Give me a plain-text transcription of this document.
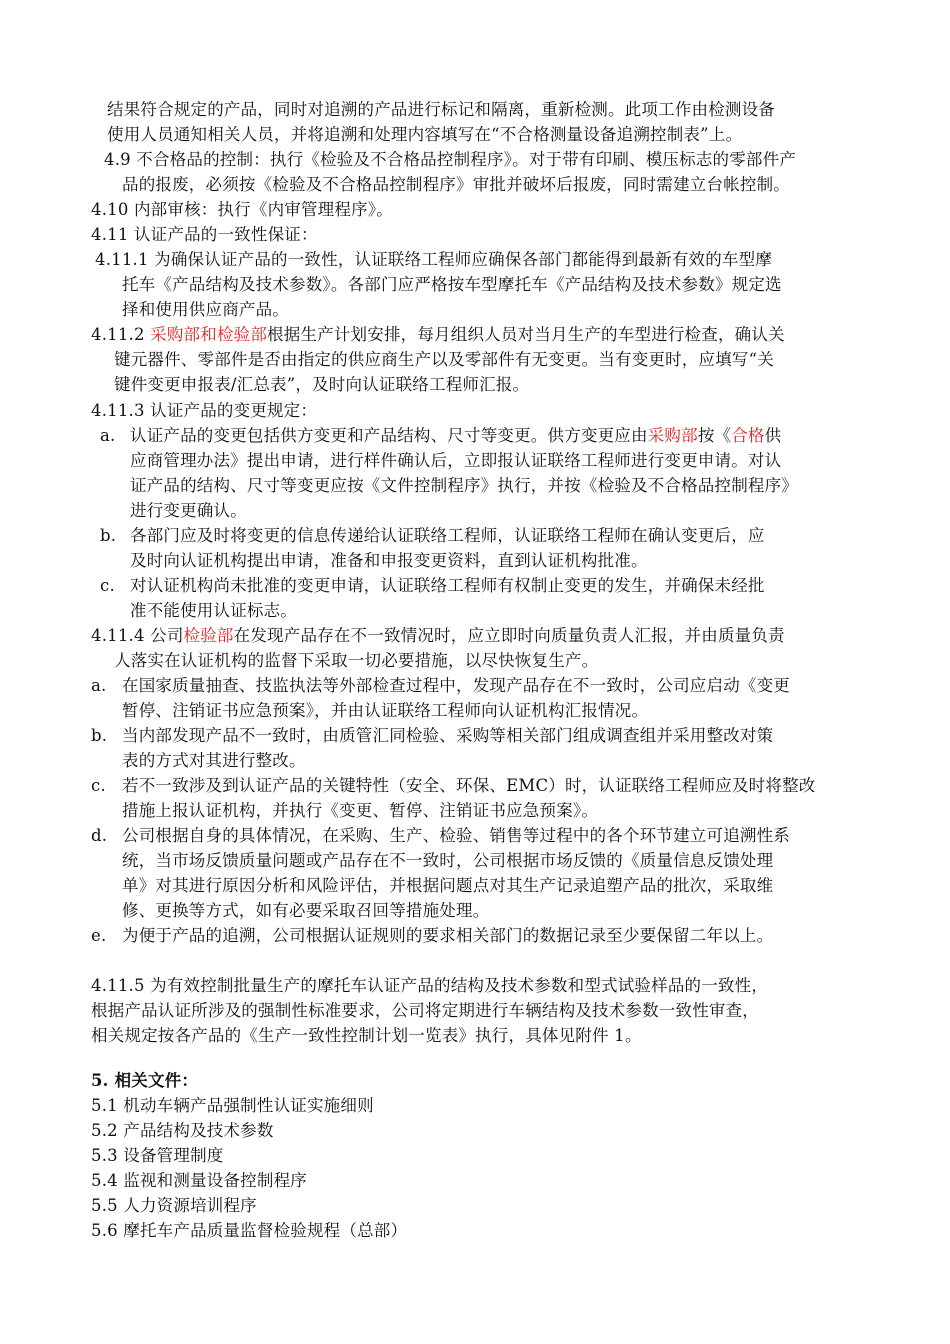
结果符合规定的产品，同时对追溯的产品进行标记和隔离，重新检测。此项工作由检测设备
使用人员通知相关人员，并将追溯和处理内容填写在“不合格测量设备追溯控制表”上。
4.9 不合格品的控制：执行《检验及不合格品控制程序》。对于带有印刷、模压标志的零部件产
品的报废，必须按《检验及不合格品控制程序》审批并破坏后报废，同时需建立台帐控制。
4.10 内部审核：执行《内审管理程序》。
4.11 认证产品的一致性保证：
4.11.1 为确保认证产品的一致性，认证联络工程师应确保各部门都能得到最新有效的车型摩
托车《产品结构及技术参数》。各部门应严格按车型摩托车《产品结构及技术参数》规定选
择和使用供应商产品。
4.11.2 采购部和检验部根据生产计划安排，每月组织人员对当月生产的车型进行检查，确认关
键元器件、零部件是否由指定的供应商生产以及零部件有无变更。当有变更时，应填写“关
键件变更申报表/汇总表”，及时向认证联络工程师汇报。
4.11.3 认证产品的变更规定：
a. 认证产品的变更包括供方变更和产品结构、尺寸等变更。供方变更应由采购部按《合格供
应商管理办法》提出申请，进行样件确认后，立即报认证联络工程师进行变更申请。对认
证产品的结构、尺寸等变更应按《文件控制程序》执行，并按《检验及不合格品控制程序》
进行变更确认。
b. 各部门应及时将变更的信息传递给认证联络工程师，认证联络工程师在确认变更后，应
及时向认证机构提出申请，准备和申报变更资料，直到认证机构批准。
c. 对认证机构尚未批准的变更申请，认证联络工程师有权制止变更的发生，并确保未经批
准不能使用认证标志。
4.11.4 公司检验部在发现产品存在不一致情况时，应立即时向质量负责人汇报，并由质量负责
人落实在认证机构的监督下采取一切必要措施，以尽快恢复生产。
a. 在国家质量抽查、技监执法等外部检查过程中，发现产品存在不一致时，公司应启动《变更
暂停、注销证书应急预案》，并由认证联络工程师向认证机构汇报情况。
b. 当内部发现产品不一致时，由质管汇同检验、采购等相关部门组成调查组并采用整改对策
表的方式对其进行整改。
c. 若不一致涉及到认证产品的关键特性（安全、环保、EMC）时，认证联络工程师应及时将整改
措施上报认证机构，并执行《变更、暂停、注销证书应急预案》。
d. 公司根据自身的具体情况，在采购、生产、检验、销售等过程中的各个环节建立可追溯性系
统，当市场反馈质量问题或产品存在不一致时，公司根据市场反馈的《质量信息反馈处理
单》对其进行原因分析和风险评估，并根据问题点对其生产记录追塑产品的批次，采取维
修、更换等方式，如有必要采取召回等措施处理。
e. 为便于产品的追溯，公司根据认证规则的要求相关部门的数据记录至少要保留二年以上。
4.11.5 为有效控制批量生产的摩托车认证产品的结构及技术参数和型式试验样品的一致性，
根据产品认证所涉及的强制性标准要求，公司将定期进行车辆结构及技术参数一致性审查，
相关规定按各产品的《生产一致性控制计划一览表》执行，具体见附件 1。
5. 相关文件：
5.1 机动车辆产品强制性认证实施细则
5.2 产品结构及技术参数
5.3 设备管理制度
5.4 监视和测量设备控制程序
5.5 人力资源培训程序
5.6 摩托车产品质量监督检验规程（总部）
